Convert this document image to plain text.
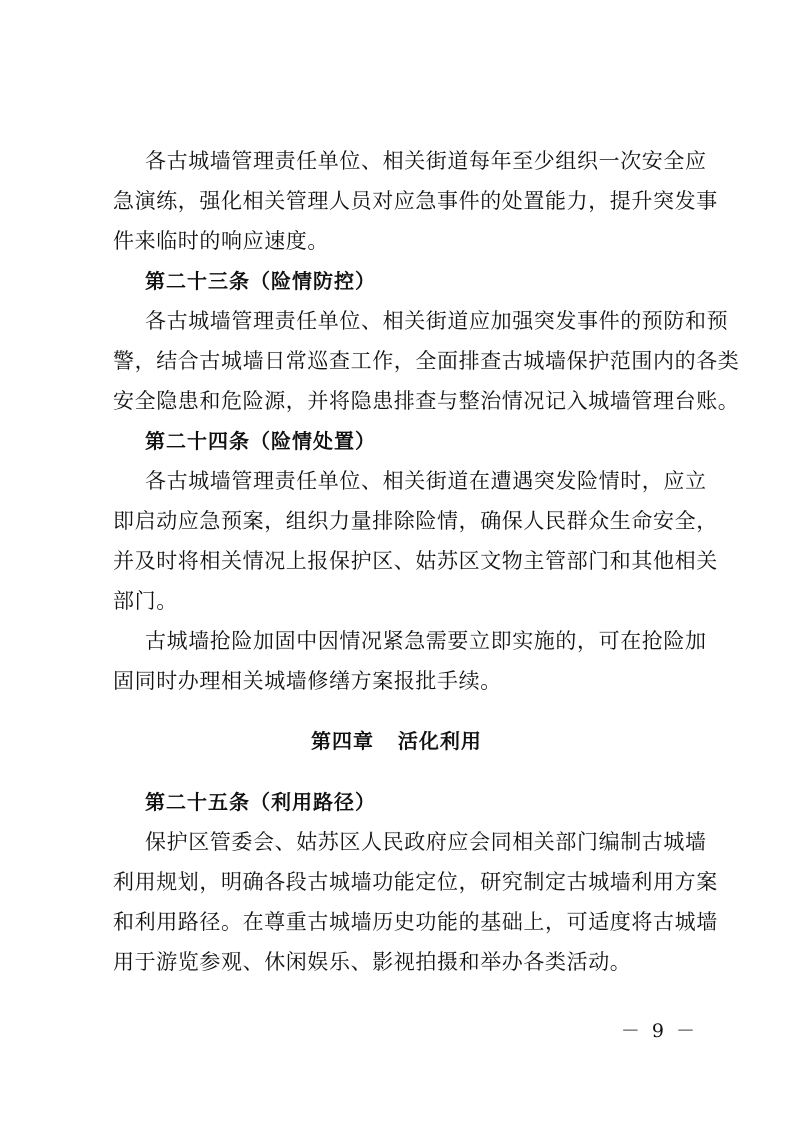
各古城墙管理责任单位、相关街道每年至少组织一次安全应
急演练，强化相关管理人员对应急事件的处置能力，提升突发事
件来临时的响应速度。
第二十三条（险情防控）
各古城墙管理责任单位、相关街道应加强突发事件的预防和预
警，结合古城墙日常巡查工作，全面排查古城墙保护范围内的各类
安全隐患和危险源，并将隐患排查与整治情况记入城墙管理台账。
第二十四条（险情处置）
各古城墙管理责任单位、相关街道在遭遇突发险情时，应立
即启动应急预案，组织力量排除险情，确保人民群众生命安全，
并及时将相关情况上报保护区、姑苏区文物主管部门和其他相关
部门。
古城墙抢险加固中因情况紧急需要立即实施的，可在抢险加
固同时办理相关城墙修缮方案报批手续。
第四章   活化利用
第二十五条（利用路径）
保护区管委会、姑苏区人民政府应会同相关部门编制古城墙
利用规划，明确各段古城墙功能定位，研究制定古城墙利用方案
和利用路径。在尊重古城墙历史功能的基础上，可适度将古城墙
用于游览参观、休闲娱乐、影视拍摄和举办各类活动。
－ 9 －
